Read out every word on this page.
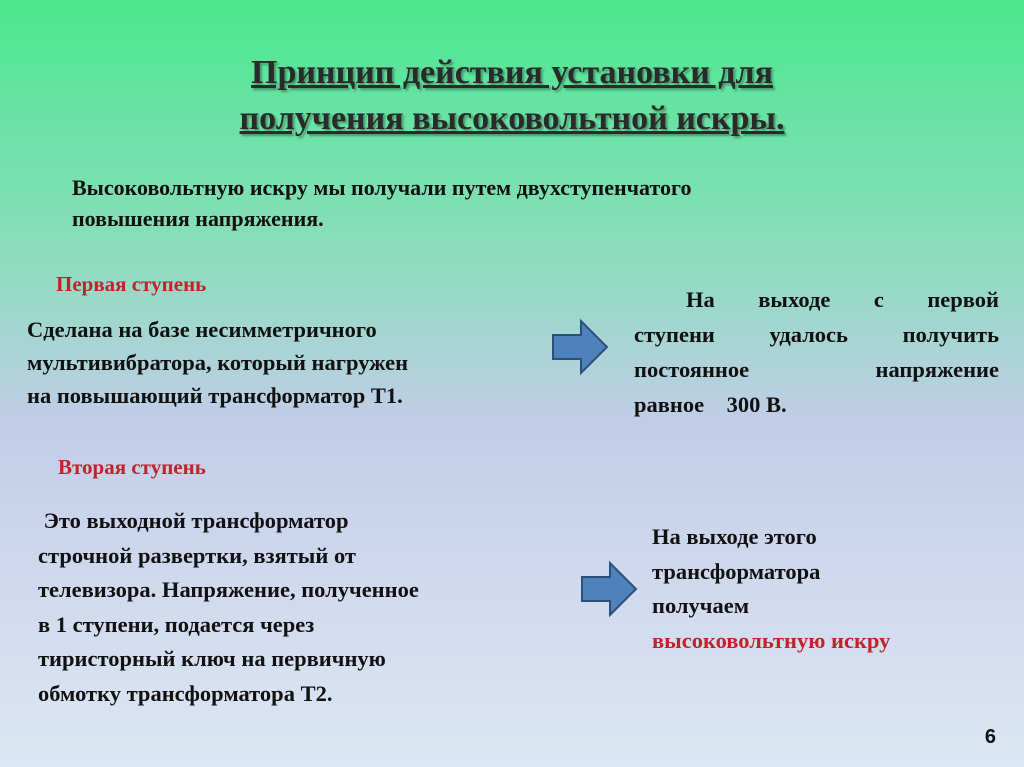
Принцип действия установки для
получения высоковольтной искры.
Высоковольтную искру мы получали путем двухступенчатого
повышения напряжения.
Первая ступень
Сделана на базе несимметричного
мультивибратора, который нагружен
на повышающий трансформатор Т1.
На выходе с первой
ступени удалось получить
постоянное напряжение
равное    300 В.
Вторая ступень
Это выходной трансформатор
строчной развертки, взятый от
телевизора. Напряжение, полученное
в 1 ступени, подается через
тиристорный ключ на первичную
обмотку трансформатора Т2.
На выходе этого
трансформатора
получаем
высоковольтную искру
6
